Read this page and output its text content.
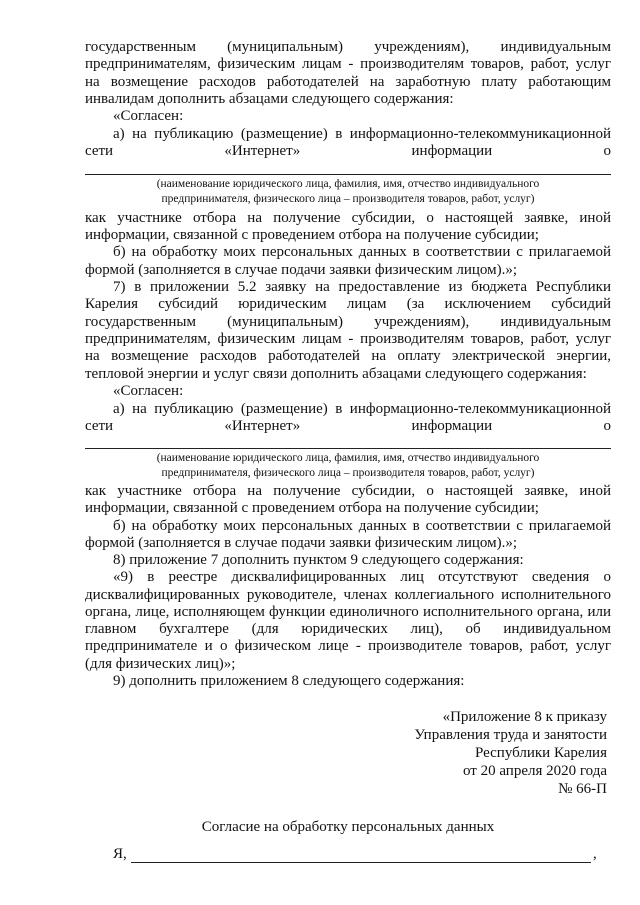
государственным (муниципальным) учреждениям), индивидуальным
предпринимателям, физическим лицам - производителям товаров, работ, услуг
на возмещение расходов работодателей на заработную плату работающим
инвалидам дополнить абзацами следующего содержания:
«Согласен:
а) на публикацию (размещение) в информационно-телекоммуникационной
сети «Интернет» информации о
(наименование юридического лица, фамилия, имя, отчество индивидуального
предпринимателя, физического лица – производителя товаров, работ, услуг)
как участнике отбора на получение субсидии, о настоящей заявке, иной
информации, связанной с проведением отбора на получение субсидии;
б) на обработку моих персональных данных в соответствии с прилагаемой
формой (заполняется в случае подачи заявки физическим лицом).»;
7) в приложении 5.2 заявку на предоставление из бюджета Республики
Карелия субсидий юридическим лицам (за исключением субсидий
государственным (муниципальным) учреждениям), индивидуальным
предпринимателям, физическим лицам - производителям товаров, работ, услуг
на возмещение расходов работодателей на оплату электрической энергии,
тепловой энергии и услуг связи дополнить абзацами следующего содержания:
«Согласен:
а) на публикацию (размещение) в информационно-телекоммуникационной
сети «Интернет» информации о
(наименование юридического лица, фамилия, имя, отчество индивидуального
предпринимателя, физического лица – производителя товаров, работ, услуг)
как участнике отбора на получение субсидии, о настоящей заявке, иной
информации, связанной с проведением отбора на получение субсидии;
б) на обработку моих персональных данных в соответствии с прилагаемой
формой (заполняется в случае подачи заявки физическим лицом).»;
8) приложение 7 дополнить пунктом 9 следующего содержания:
«9) в реестре дисквалифицированных лиц отсутствуют сведения о
дисквалифицированных руководителе, членах коллегиального исполнительного
органа, лице, исполняющем функции единоличного исполнительного органа, или
главном бухгалтере (для юридических лиц), об индивидуальном
предпринимателе и о физическом лице - производителе товаров, работ, услуг
(для физических лиц)»;
9) дополнить приложением 8 следующего содержания:
«Приложение 8 к приказу
Управления труда и занятости
Республики Карелия
от 20 апреля 2020 года
№ 66-П
Согласие на обработку персональных данных
Я,	,
